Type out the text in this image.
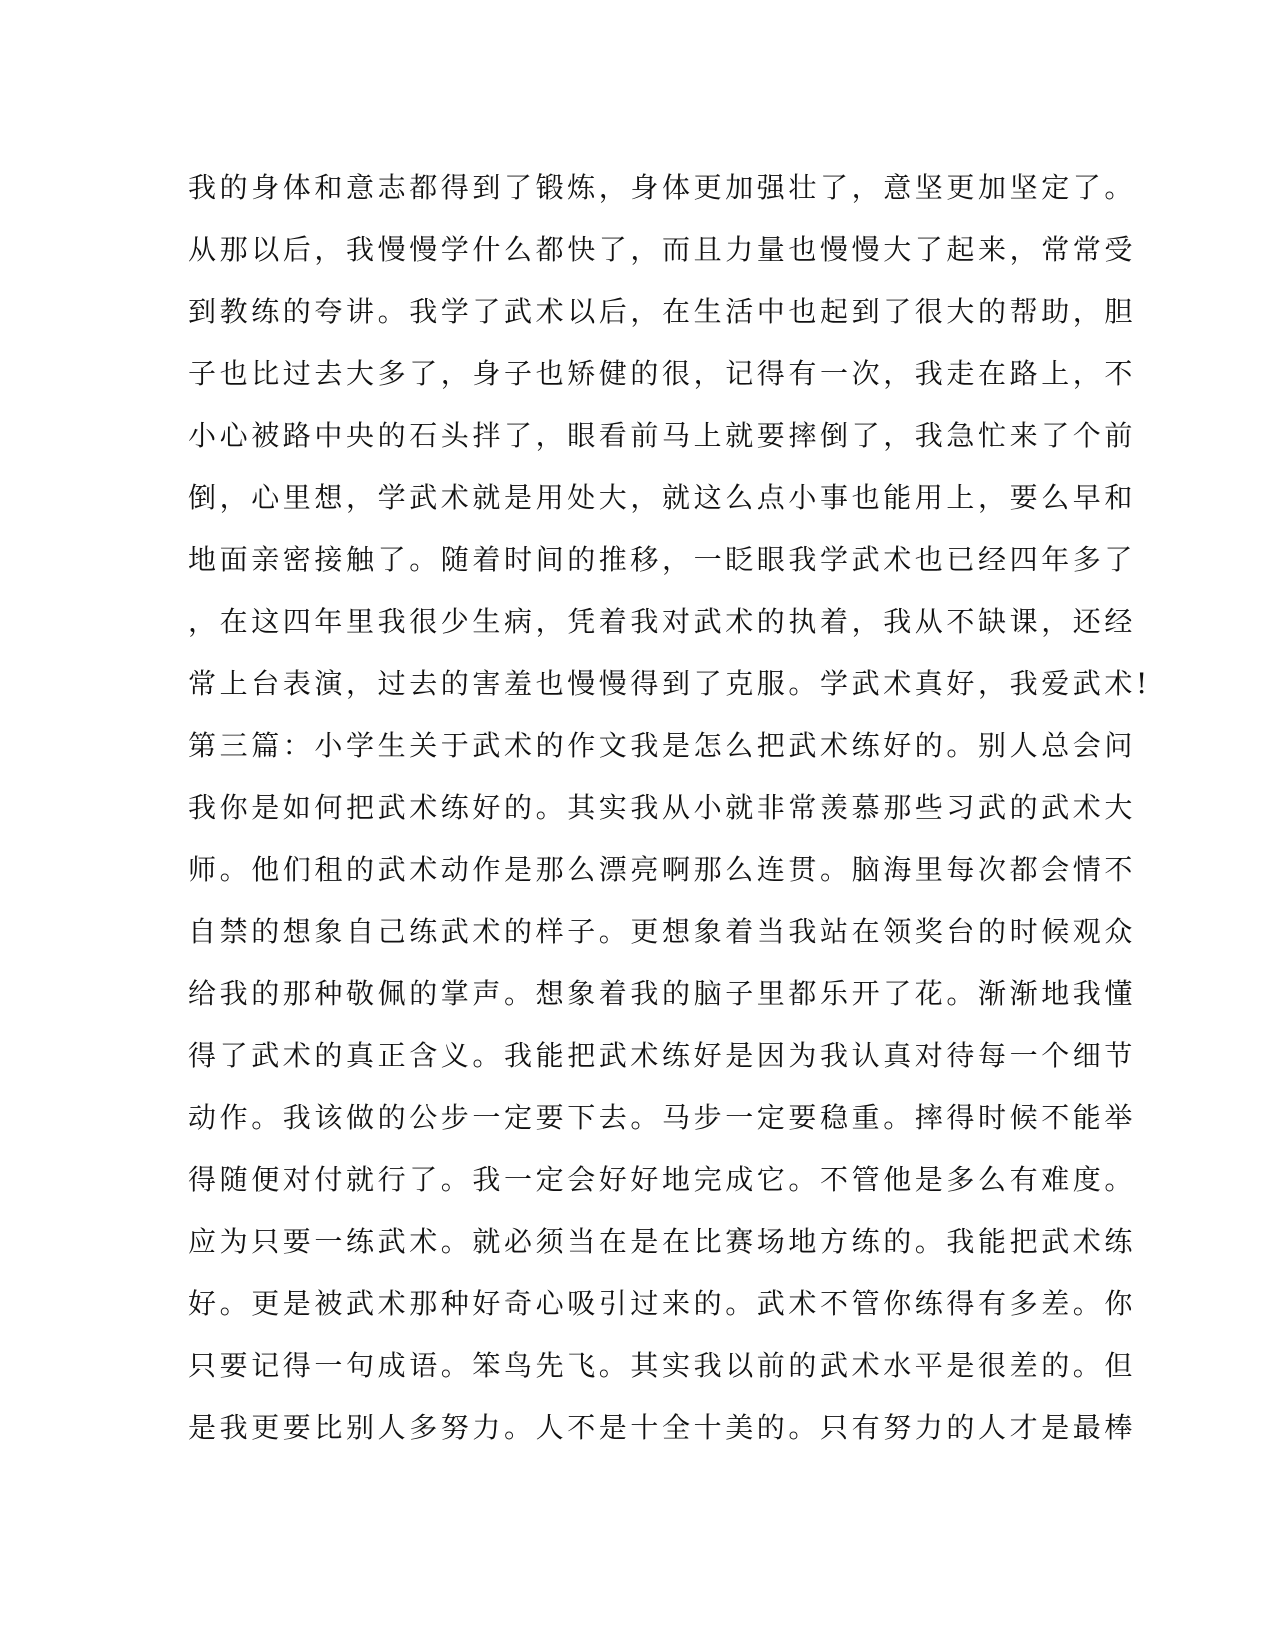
我的身体和意志都得到了锻炼，身体更加强壮了，意坚更加坚定了。
从那以后，我慢慢学什么都快了，而且力量也慢慢大了起来，常常受
到教练的夸讲。我学了武术以后，在生活中也起到了很大的帮助，胆
子也比过去大多了，身子也矫健的很，记得有一次，我走在路上，不
小心被路中央的石头拌了，眼看前马上就要摔倒了，我急忙来了个前
倒，心里想，学武术就是用处大，就这么点小事也能用上，要么早和
地面亲密接触了。随着时间的推移，一眨眼我学武术也已经四年多了
，在这四年里我很少生病，凭着我对武术的执着，我从不缺课，还经
常上台表演，过去的害羞也慢慢得到了克服。学武术真好，我爱武术!
第三篇：小学生关于武术的作文我是怎么把武术练好的。别人总会问
我你是如何把武术练好的。其实我从小就非常羡慕那些习武的武术大
师。他们租的武术动作是那么漂亮啊那么连贯。脑海里每次都会情不
自禁的想象自己练武术的样子。更想象着当我站在领奖台的时候观众
给我的那种敬佩的掌声。想象着我的脑子里都乐开了花。渐渐地我懂
得了武术的真正含义。我能把武术练好是因为我认真对待每一个细节
动作。我该做的公步一定要下去。马步一定要稳重。摔得时候不能举
得随便对付就行了。我一定会好好地完成它。不管他是多么有难度。
应为只要一练武术。就必须当在是在比赛场地方练的。我能把武术练
好。更是被武术那种好奇心吸引过来的。武术不管你练得有多差。你
只要记得一句成语。笨鸟先飞。其实我以前的武术水平是很差的。但
是我更要比别人多努力。人不是十全十美的。只有努力的人才是最棒
